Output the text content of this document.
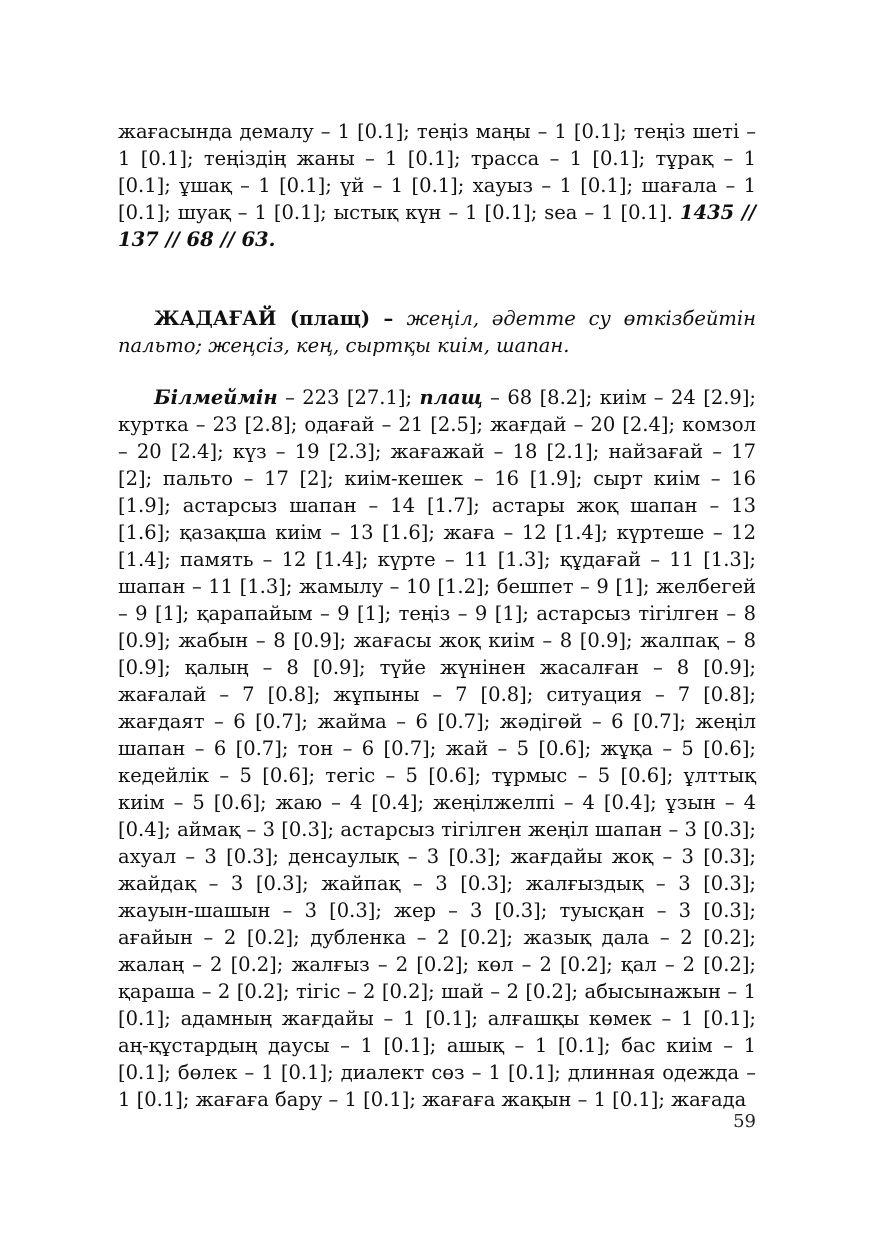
жағасында демалу – 1 [0.1]; теңіз маңы – 1 [0.1]; теңіз шеті – 1 [0.1]; теңіздің жаны – 1 [0.1]; трасса – 1 [0.1]; тұрақ – 1 [0.1]; ұшақ – 1 [0.1]; үй – 1 [0.1]; хауыз – 1 [0.1]; шағала – 1 [0.1]; шуақ – 1 [0.1]; ыстық күн – 1 [0.1]; sea – 1 [0.1]. 1435 // 137 // 68 // 63.

ЖАДАҒАЙ (плащ) – жеңіл, әдетте су өткізбейтін пальто; жеңсіз, кең, сыртқы киім, шапан.

Білмеймін – 223 [27.1]; плащ – 68 [8.2]; киім – 24 [2.9]; куртка – 23 [2.8]; одағай – 21 [2.5]; жағдай – 20 [2.4]; комзол – 20 [2.4]; күз – 19 [2.3]; жағажай – 18 [2.1]; найзағай – 17 [2]; пальто – 17 [2]; киім-кешек – 16 [1.9]; сырт киім – 16 [1.9]; астарсыз шапан – 14 [1.7]; астары жоқ шапан – 13 [1.6]; қазақша киім – 13 [1.6]; жаға – 12 [1.4]; күртеше – 12 [1.4]; память – 12 [1.4]; күрте – 11 [1.3]; құдағай – 11 [1.3]; шапан – 11 [1.3]; жамылу – 10 [1.2]; бешпет – 9 [1]; желбегей – 9 [1]; қарапайым – 9 [1]; теңіз – 9 [1]; астарсыз тігілген – 8 [0.9]; жабын – 8 [0.9]; жағасы жоқ киім – 8 [0.9]; жалпақ – 8 [0.9]; қалың – 8 [0.9]; түйе жүнінен жасалған – 8 [0.9]; жағалай – 7 [0.8]; жұпыны – 7 [0.8]; ситуация – 7 [0.8]; жағдаят – 6 [0.7]; жайма – 6 [0.7]; жәдігөй – 6 [0.7]; жеңіл шапан – 6 [0.7]; тон – 6 [0.7]; жай – 5 [0.6]; жұқа – 5 [0.6]; кедейлік – 5 [0.6]; тегіс – 5 [0.6]; тұрмыс – 5 [0.6]; ұлттық киім – 5 [0.6]; жаю – 4 [0.4]; жеңілжелпі – 4 [0.4]; ұзын – 4 [0.4]; аймақ – 3 [0.3]; астарсыз тігілген жеңіл шапан – 3 [0.3]; ахуал – 3 [0.3]; денсаулық – 3 [0.3]; жағдайы жоқ – 3 [0.3]; жайдақ – 3 [0.3]; жайпақ – 3 [0.3]; жалғыздық – 3 [0.3]; жауын-шашын – 3 [0.3]; жер – 3 [0.3]; туысқан – 3 [0.3]; ағайын – 2 [0.2]; дубленка – 2 [0.2]; жазық дала – 2 [0.2]; жалаң – 2 [0.2]; жалғыз – 2 [0.2]; көл – 2 [0.2]; қал – 2 [0.2]; қараша – 2 [0.2]; тігіс – 2 [0.2]; шай – 2 [0.2]; абысынажын – 1 [0.1]; адамның жағдайы – 1 [0.1]; алғашқы көмек – 1 [0.1]; аң-құстардың даусы – 1 [0.1]; ашық – 1 [0.1]; бас киім – 1 [0.1]; бөлек – 1 [0.1]; диалект сөз – 1 [0.1]; длинная одежда – 1 [0.1]; жағаға бару – 1 [0.1]; жағаға жақын – 1 [0.1]; жағада

59
